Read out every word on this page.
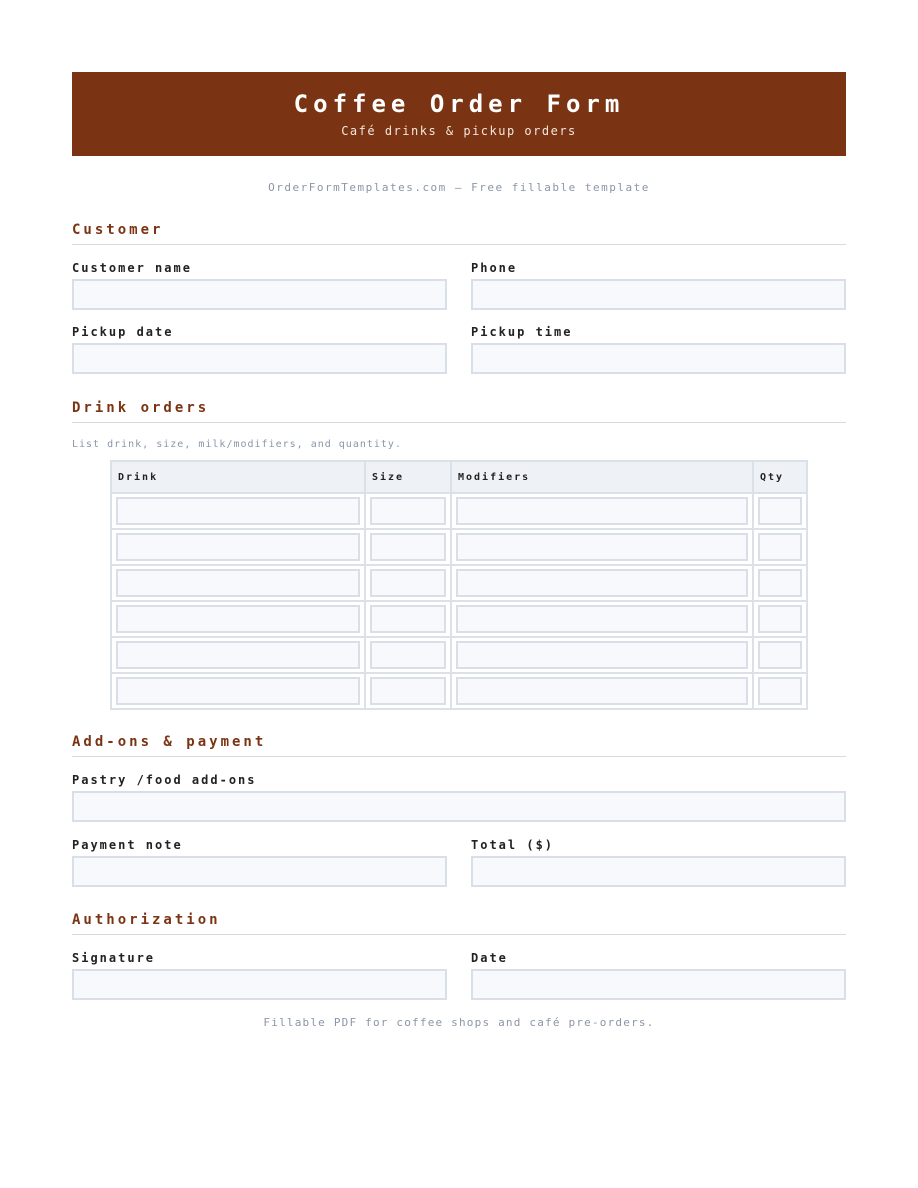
Coffee Order Form
Café drinks & pickup orders
OrderFormTemplates.com — Free fillable template
Customer
Customer name	Phone
Pickup date	Pickup time
Drink orders
List drink, size, milk/modifiers, and quantity.
Drink	Size	Modifiers	Qty

Add-ons & payment
Pastry /food add-ons
Payment note	Total ($)
Authorization
Signature	Date
Fillable PDF for coffee shops and café pre-orders.
